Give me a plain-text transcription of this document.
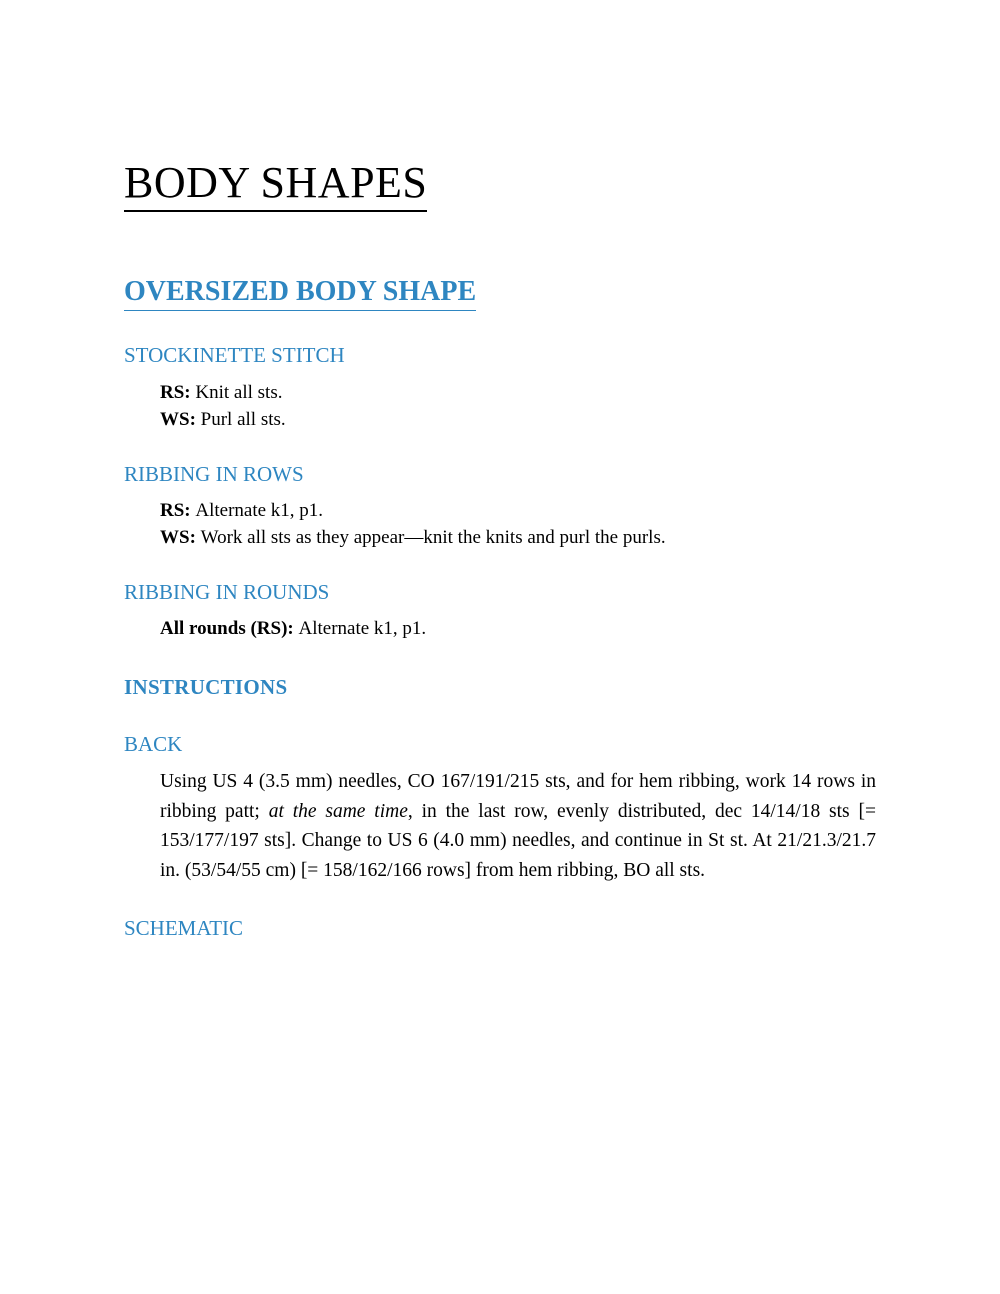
BODY SHAPES
OVERSIZED BODY SHAPE
STOCKINETTE STITCH

RS: Knit all sts.

WS: Purl all sts.

RIBBING IN ROWS

RS: Alternate k1, p1.

WS: Work all sts as they appear—knit the knits and purl the purls.

RIBBING IN ROUNDS

All rounds (RS): Alternate k1, p1.

INSTRUCTIONS
BACK

Using US 4 (3.5 mm) needles, CO 167/191/215 sts, and for hem ribbing, work 14 rows in ribbing patt; at the same time, in the last row, evenly distributed, dec 14/14/18 sts [= 153/177/197 sts]. Change to US 6 (4.0 mm) needles, and continue in St st. At 21/21.3/21.7 in. (53/54/55 cm) [= 158/162/166 rows] from hem ribbing, BO all sts.

SCHEMATIC
